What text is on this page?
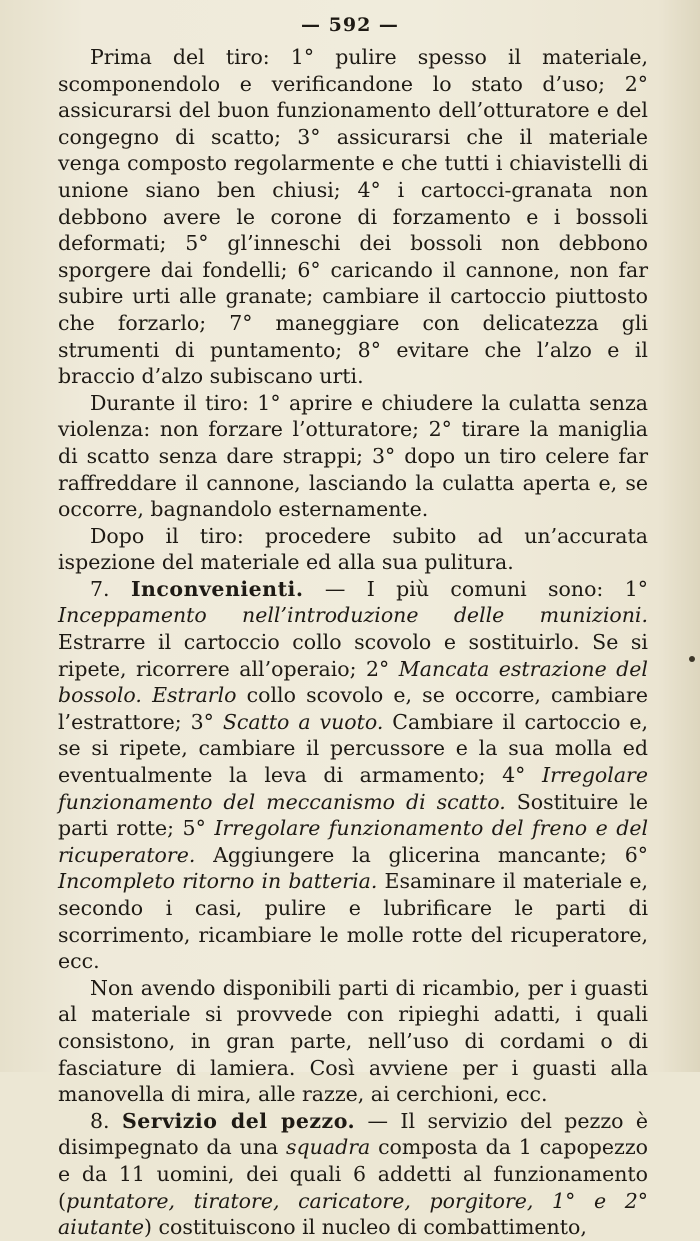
— 592 —

Prima del tiro: 1° pulire spesso il materiale, scomponendolo e verificandone lo stato d’uso; 2° assicurarsi del buon funzionamento dell’otturatore e del congegno di scatto; 3° assicurarsi che il materiale venga composto regolarmente e che tutti i chiavistelli di unione siano ben chiusi; 4° i cartocci-granata non debbono avere le corone di forzamento e i bossoli deformati; 5° gl’inneschi dei bossoli non debbono sporgere dai fondelli; 6° caricando il cannone, non far subire urti alle granate; cambiare il cartoccio piuttosto che forzarlo; 7° maneggiare con delicatezza gli strumenti di puntamento; 8° evitare che l’alzo e il braccio d’alzo subiscano urti.

Durante il tiro: 1° aprire e chiudere la culatta senza violenza: non forzare l’otturatore; 2° tirare la maniglia di scatto senza dare strappi; 3° dopo un tiro celere far raffreddare il cannone, lasciando la culatta aperta e, se occorre, bagnandolo esternamente.

Dopo il tiro: procedere subito ad un’accurata ispezione del materiale ed alla sua pulitura.

7. Inconvenienti. — I più comuni sono: 1° Inceppamento nell’introduzione delle munizioni. Estrarre il cartoccio collo scovolo e sostituirlo. Se si ripete, ricorrere all’operaio; 2° Mancata estrazione del bossolo. Estrarlo collo scovolo e, se occorre, cambiare l’estrattore; 3° Scatto a vuoto. Cambiare il cartoccio e, se si ripete, cambiare il percussore e la sua molla ed eventualmente la leva di armamento; 4° Irregolare funzionamento del meccanismo di scatto. Sostituire le parti rotte; 5° Irregolare funzionamento del freno e del ricuperatore. Aggiungere la glicerina mancante; 6° Incompleto ritorno in batteria. Esaminare il materiale e, secondo i casi, pulire e lubrificare le parti di scorrimento, ricambiare le molle rotte del ricuperatore, ecc.

Non avendo disponibili parti di ricambio, per i guasti al materiale si provvede con ripieghi adatti, i quali consistono, in gran parte, nell’uso di cordami o di fasciature di lamiera. Così avviene per i guasti alla manovella di mira, alle razze, ai cerchioni, ecc.

8. Servizio del pezzo. — Il servizio del pezzo è disimpegnato da una squadra composta da 1 capopezzo e da 11 uomini, dei quali 6 addetti al funzionamento (puntatore, tiratore, caricatore, porgitore, 1° e 2° aiutante) costituiscono il nucleo di combattimento,
